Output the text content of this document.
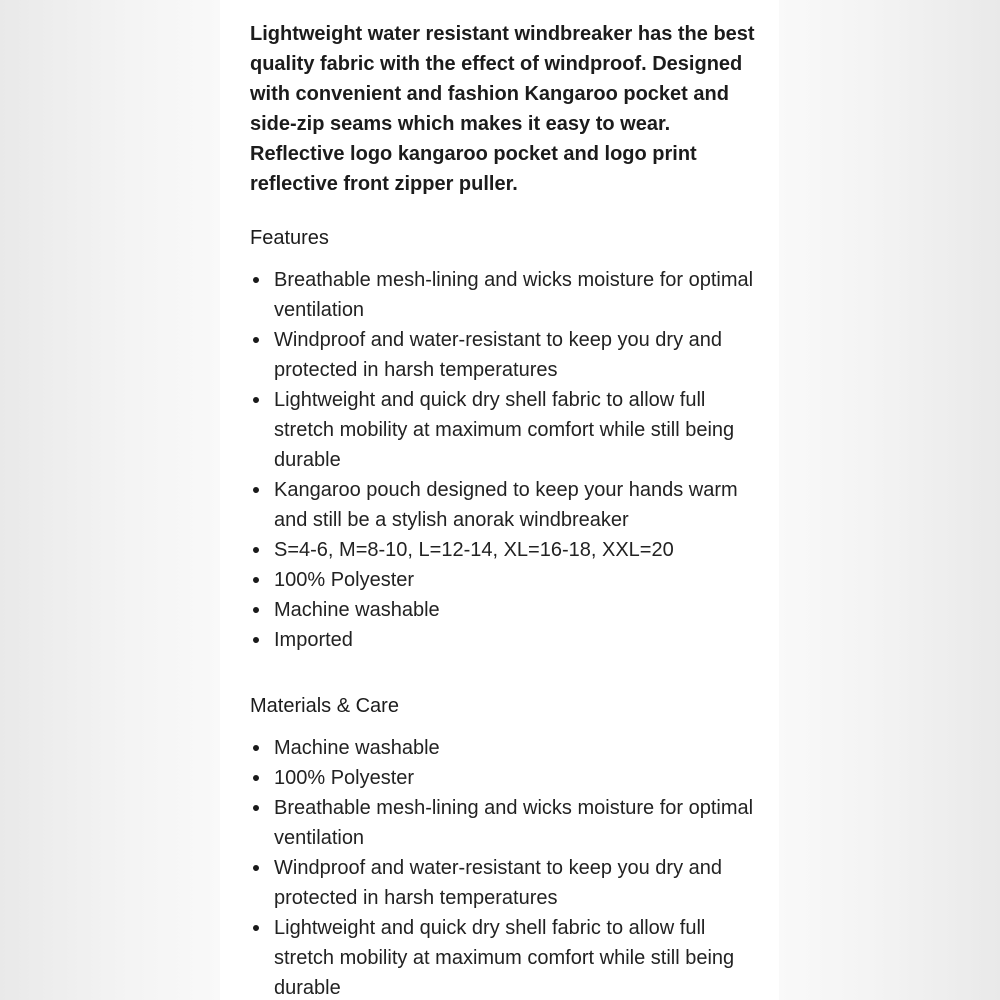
Lightweight water resistant windbreaker has the best quality fabric with the effect of windproof. Designed with convenient and fashion Kangaroo pocket and side-zip seams which makes it easy to wear. Reflective logo kangaroo pocket and logo print reflective front zipper puller.

Features
Breathable mesh-lining and wicks moisture for optimal ventilation
Windproof and water-resistant to keep you dry and protected in harsh temperatures
Lightweight and quick dry shell fabric to allow full stretch mobility at maximum comfort while still being durable
Kangaroo pouch designed to keep your hands warm and still be a stylish anorak windbreaker
S=4-6, M=8-10, L=12-14, XL=16-18, XXL=20
100% Polyester
Machine washable
Imported
Materials & Care
Machine washable
100% Polyester
Breathable mesh-lining and wicks moisture for optimal ventilation
Windproof and water-resistant to keep you dry and protected in harsh temperatures
Lightweight and quick dry shell fabric to allow full stretch mobility at maximum comfort while still being durable
